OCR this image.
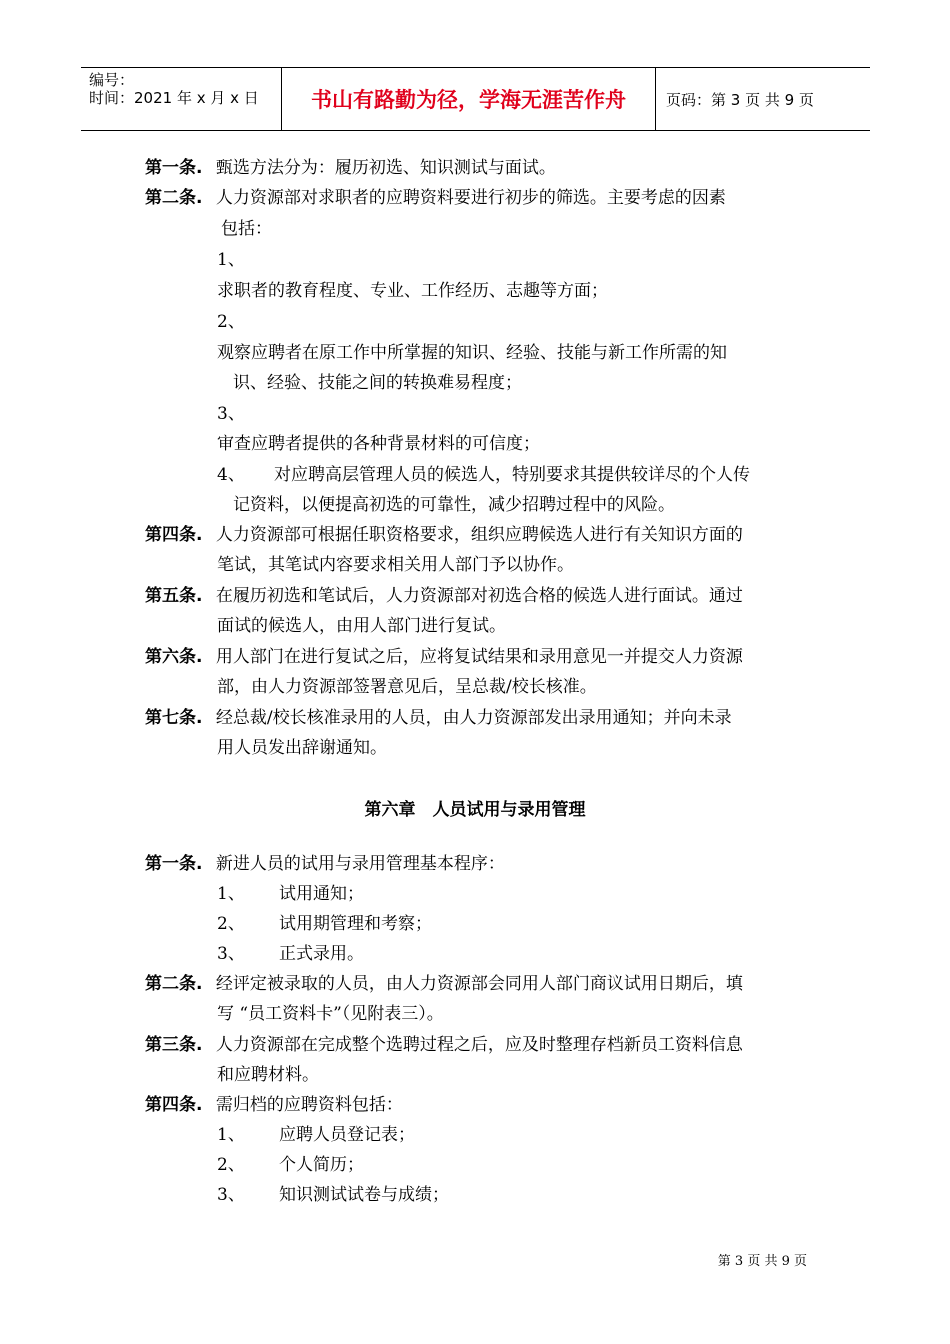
编号：
时间：2021 年 x 月 x 日	书山有路勤为径，学海无涯苦作舟	页码：第 3 页 共 9 页
第一条. 甄选方法分为：履历初选、知识测试与面试。
第二条. 人力资源部对求职者的应聘资料要进行初步的筛选。主要考虑的因素
包括：
1、
求职者的教育程度、专业、工作经历、志趣等方面；
2、
观察应聘者在原工作中所掌握的知识、经验、技能与新工作所需的知
识、经验、技能之间的转换难易程度；
3、
审查应聘者提供的各种背景材料的可信度；
4、 对应聘高层管理人员的候选人，特别要求其提供较详尽的个人传
记资料，以便提高初选的可靠性，减少招聘过程中的风险。
第四条. 人力资源部可根据任职资格要求，组织应聘候选人进行有关知识方面的
笔试，其笔试内容要求相关用人部门予以协作。
第五条. 在履历初选和笔试后，人力资源部对初选合格的候选人进行面试。通过
面试的候选人，由用人部门进行复试。
第六条. 用人部门在进行复试之后，应将复试结果和录用意见一并提交人力资源
部，由人力资源部签署意见后，呈总裁/校长核准。
第七条. 经总裁/校长核准录用的人员，由人力资源部发出录用通知；并向未录
用人员发出辞谢通知。
第六章　人员试用与录用管理
第一条. 新进人员的试用与录用管理基本程序：
1、 试用通知；
2、 试用期管理和考察；
3、 正式录用。
第二条. 经评定被录取的人员，由人力资源部会同用人部门商议试用日期后，填
写 “员工资料卡”（见附表三）。
第三条. 人力资源部在完成整个选聘过程之后，应及时整理存档新员工资料信息
和应聘材料。
第四条. 需归档的应聘资料包括：
1、 应聘人员登记表；
2、 个人简历；
3、 知识测试试卷与成绩；
第 3 页 共 9 页
